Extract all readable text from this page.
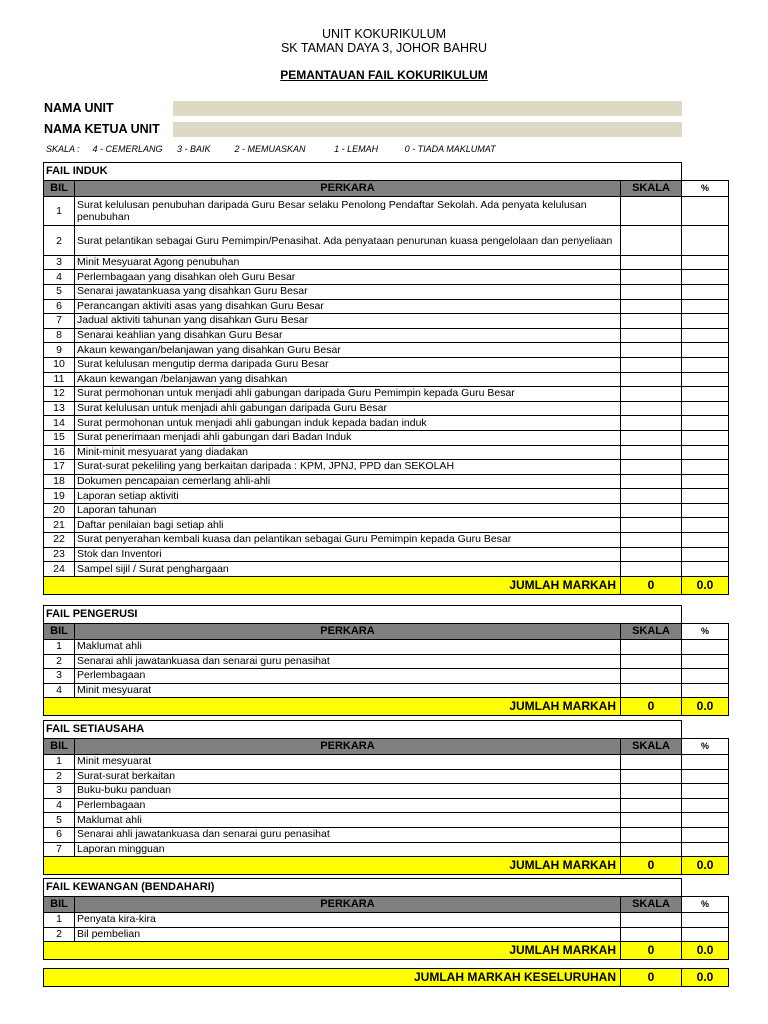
UNIT KOKURIKULUM
SK TAMAN DAYA 3, JOHOR BAHRU
PEMANTAUAN FAIL KOKURIKULUM
NAMA UNIT
NAMA KETUA UNIT
SKALA : 4 - CEMERLANG 3 - BAIK	2 - MEMUASKAN	1 - LEMAH	0 - TIADA MAKLUMAT
FAIL INDUK			
BIL	PERKARA	SKALA	%
1	Surat kelulusan penubuhan daripada Guru Besar selaku Penolong Pendaftar Sekolah. Ada penyata kelulusan penubuhan		
2	Surat pelantikan sebagai Guru Pemimpin/Penasihat. Ada penyataan penurunan kuasa pengelolaan dan penyeliaan		
3	Minit Mesyuarat Agong penubuhan		
4	Perlembagaan yang disahkan oleh Guru Besar		
5	Senarai jawatankuasa yang disahkan Guru Besar		
6	Perancangan aktiviti asas yang disahkan Guru Besar		
7	Jadual aktiviti tahunan yang disahkan Guru Besar		
8	Senarai keahlian yang disahkan Guru Besar		
9	Akaun kewangan/belanjawan yang disahkan Guru Besar		
10	Surat kelulusan mengutip derma daripada Guru Besar		
11	Akaun kewangan /belanjawan yang disahkan		
12	Surat permohonan untuk menjadi ahli gabungan daripada Guru Pemimpin kepada Guru Besar		
13	Surat kelulusan untuk menjadi ahli gabungan daripada Guru Besar		
14	Surat permohonan untuk menjadi ahli gabungan induk kepada badan induk		
15	Surat penerimaan menjadi ahli gabungan dari Badan Induk		
16	Minit-minit mesyuarat yang diadakan		
17	Surat-surat pekeliling yang berkaitan daripada : KPM, JPNJ, PPD dan SEKOLAH		
18	Dokumen pencapaian cemerlang ahli-ahli		
19	Laporan setiap aktiviti		
20	Laporan tahunan		
21	Daftar penilaian bagi setiap ahli		
22	Surat penyerahan kembali kuasa dan pelantikan sebagai Guru Pemimpin kepada Guru Besar		
23	Stok dan Inventori		
24	Sampel sijil / Surat penghargaan		
JUMLAH MARKAH		0	0.0
FAIL PENGERUSI			
BIL	PERKARA	SKALA	%
1	Maklumat ahli		
2	Senarai ahli jawatankuasa dan senarai guru penasihat		
3	Perlembagaan		
4	Minit mesyuarat		
JUMLAH MARKAH		0	0.0
FAIL SETIAUSAHA			
BIL	PERKARA	SKALA	%
1	Minit mesyuarat		
2	Surat-surat berkaitan		
3	Buku-buku panduan		
4	Perlembagaan		
5	Maklumat ahli		
6	Senarai ahli jawatankuasa dan senarai guru penasihat		
7	Laporan mingguan		
JUMLAH MARKAH		0	0.0
FAIL KEWANGAN (BENDAHARI)			
BIL	PERKARA	SKALA	%
1	Penyata kira-kira		
2	Bil pembelian		
JUMLAH MARKAH		0	0.0
JUMLAH MARKAH KESELURUHAN	0	0.0
